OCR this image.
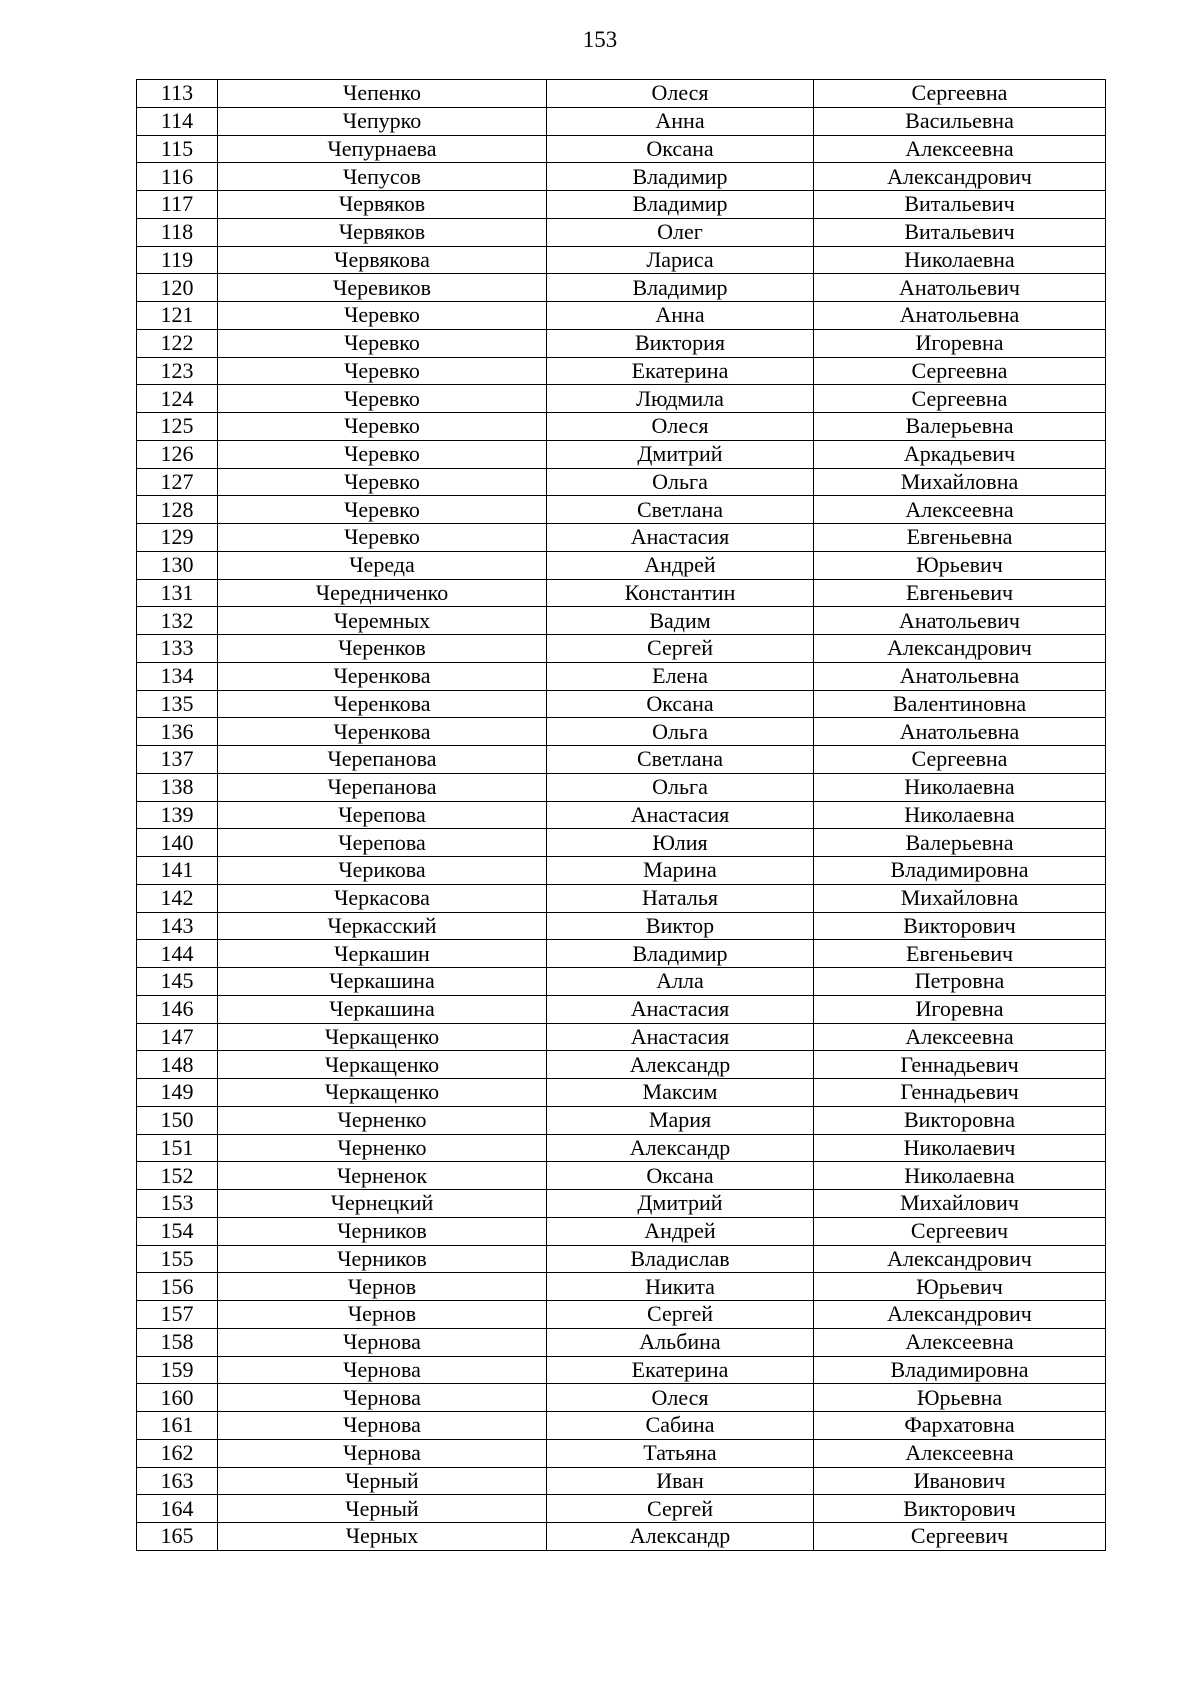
153
113	Чепенко	Олеся	Сергеевна
114	Чепурко	Анна	Васильевна
115	Чепурнаева	Оксана	Алексеевна
116	Чепусов	Владимир	Александрович
117	Червяков	Владимир	Витальевич
118	Червяков	Олег	Витальевич
119	Червякова	Лариса	Николаевна
120	Черевиков	Владимир	Анатольевич
121	Черевко	Анна	Анатольевна
122	Черевко	Виктория	Игоревна
123	Черевко	Екатерина	Сергеевна
124	Черевко	Людмила	Сергеевна
125	Черевко	Олеся	Валерьевна
126	Черевко	Дмитрий	Аркадьевич
127	Черевко	Ольга	Михайловна
128	Черевко	Светлана	Алексеевна
129	Черевко	Анастасия	Евгеньевна
130	Череда	Андрей	Юрьевич
131	Чередниченко	Константин	Евгеньевич
132	Черемных	Вадим	Анатольевич
133	Черенков	Сергей	Александрович
134	Черенкова	Елена	Анатольевна
135	Черенкова	Оксана	Валентиновна
136	Черенкова	Ольга	Анатольевна
137	Черепанова	Светлана	Сергеевна
138	Черепанова	Ольга	Николаевна
139	Черепова	Анастасия	Николаевна
140	Черепова	Юлия	Валерьевна
141	Черикова	Марина	Владимировна
142	Черкасова	Наталья	Михайловна
143	Черкасский	Виктор	Викторович
144	Черкашин	Владимир	Евгеньевич
145	Черкашина	Алла	Петровна
146	Черкашина	Анастасия	Игоревна
147	Черкащенко	Анастасия	Алексеевна
148	Черкащенко	Александр	Геннадьевич
149	Черкащенко	Максим	Геннадьевич
150	Черненко	Мария	Викторовна
151	Черненко	Александр	Николаевич
152	Черненок	Оксана	Николаевна
153	Чернецкий	Дмитрий	Михайлович
154	Черников	Андрей	Сергеевич
155	Черников	Владислав	Александрович
156	Чернов	Никита	Юрьевич
157	Чернов	Сергей	Александрович
158	Чернова	Альбина	Алексеевна
159	Чернова	Екатерина	Владимировна
160	Чернова	Олеся	Юрьевна
161	Чернова	Сабина	Фархатовна
162	Чернова	Татьяна	Алексеевна
163	Черный	Иван	Иванович
164	Черный	Сергей	Викторович
165	Черных	Александр	Сергеевич
